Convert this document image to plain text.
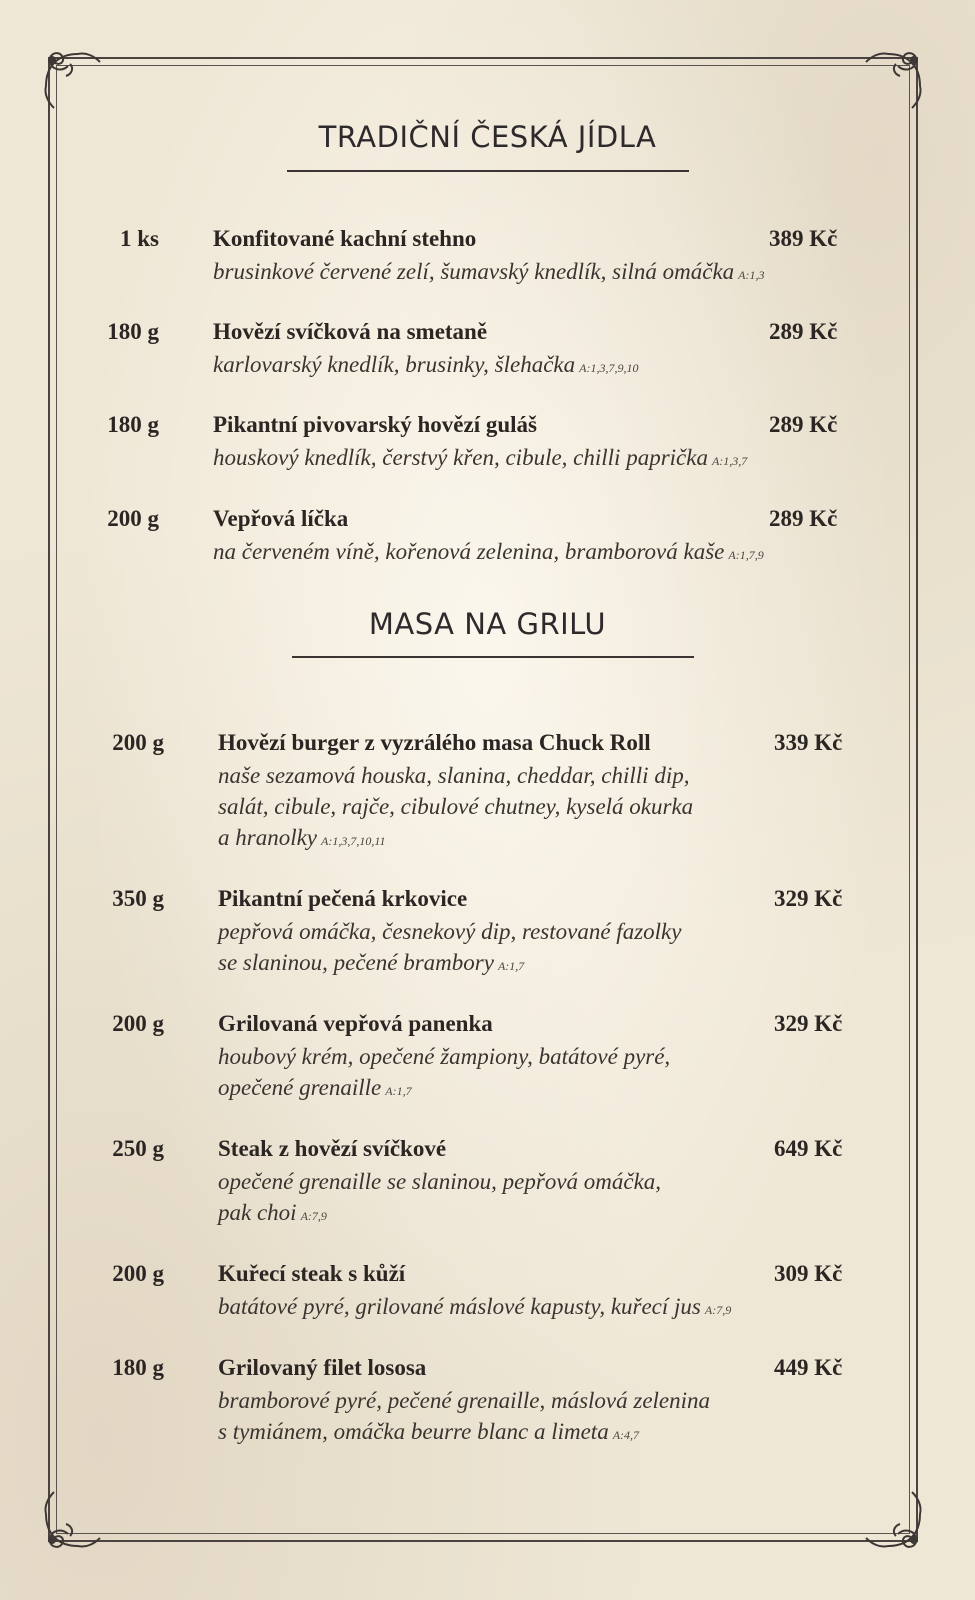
TRADIČNÍ ČESKÁ JÍDLA
1 ks Konfitované kachní stehno	389 Kč
brusinkové červené zelí, šumavský knedlík, silná omáčka A:1,3
180 g Hovězí svíčková na smetaně	289 Kč
karlovarský knedlík, brusinky, šlehačka A:1,3,7,9,10
180 g Pikantní pivovarský hovězí guláš	289 Kč
houskový knedlík, čerstvý křen, cibule, chilli paprička A:1,3,7
200 g Vepřová líčka	289 Kč
na červeném víně, kořenová zelenina, bramborová kaše A:1,7,9
MASA NA GRILU
200 g Hovězí burger z vyzrálého masa Chuck Roll	339 Kč
naše sezamová houska, slanina, cheddar, chilli dip,
salát, cibule, rajče, cibulové chutney, kyselá okurka
a hranolky A:1,3,7,10,11
350 g Pikantní pečená krkovice	329 Kč
pepřová omáčka, česnekový dip, restované fazolky
se slaninou, pečené brambory A:1,7
200 g Grilovaná vepřová panenka	329 Kč
houbový krém, opečené žampiony, batátové pyré,
opečené grenaille A:1,7
250 g Steak z hovězí svíčkové	649 Kč
opečené grenaille se slaninou, pepřová omáčka,
pak choi A:7,9
200 g Kuřecí steak s kůží	309 Kč
batátové pyré, grilované máslové kapusty, kuřecí jus A:7,9
180 g Grilovaný filet lososa	449 Kč
bramborové pyré, pečené grenaille, máslová zelenina
s tymiánem, omáčka beurre blanc a limeta A:4,7
